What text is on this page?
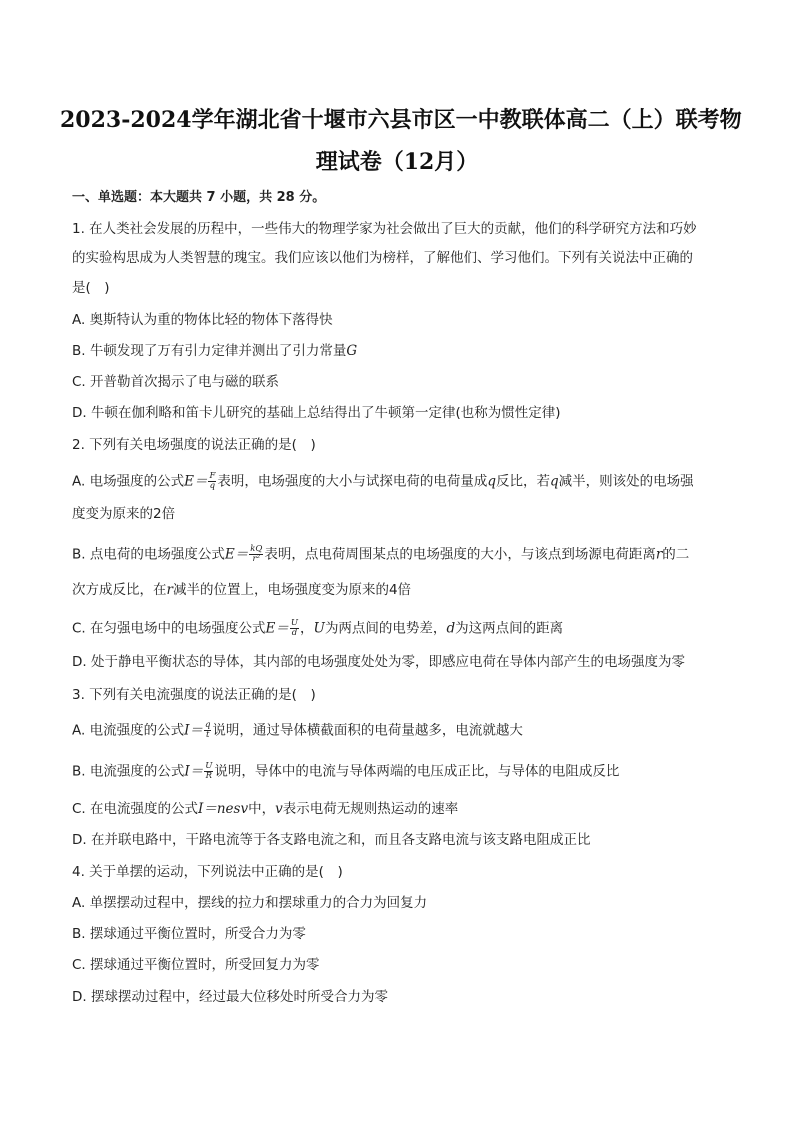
2023-2024学年湖北省十堰市六县市区一中教联体高二（上）联考物
理试卷（12月）
一、单选题：本大题共 7 小题，共 28 分。
1. 在人类社会发展的历程中，一些伟大的物理学家为社会做出了巨大的贡献，他们的科学研究方法和巧妙
的实验构思成为人类智慧的瑰宝。我们应该以他们为榜样，了解他们、学习他们。下列有关说法中正确的
是(　)
A. 奥斯特认为重的物体比轻的物体下落得快
B. 牛顿发现了万有引力定律并测出了引力常量G
C. 开普勒首次揭示了电与磁的联系
D. 牛顿在伽利略和笛卡儿研究的基础上总结得出了牛顿第一定律(也称为惯性定律)
2. 下列有关电场强度的说法正确的是(　)
A. 电场强度的公式$E= \frac{F}{q}$ 表明，电场强度的大小与试探电荷的电荷量成q反比，若q减半，则该处的电场强
度变为原来的2倍
B. 点电荷的电场强度公式$E= \frac{kQ}{\text{r²}}$ 表明，点电荷周围某点的电场强度的大小，与该点到场源电荷距离r的二
次方成反比，在r减半的位置上，电场强度变为原来的4倍
C. 在匀强电场中的电场强度公式$E= \frac{U}{d}$ ，U为两点间的电势差，d为这两点间的距离
D. 处于静电平衡状态的导体，其内部的电场强度处处为零，即感应电荷在导体内部产生的电场强度为零
3. 下列有关电流强度的说法正确的是(　)
A. 电流强度的公式$I= \frac{q}{t}$ 说明，通过导体横截面积的电荷量越多，电流就越大
B. 电流强度的公式$I= \frac{U}{R}$ 说明，导体中的电流与导体两端的电压成正比，与导体的电阻成反比
C. 在电流强度的公式I＝nesv中，v表示电荷无规则热运动的速率
D. 在并联电路中，干路电流等于各支路电流之和，而且各支路电流与该支路电阻成正比
4. 关于单摆的运动，下列说法中正确的是(　)
A. 单摆摆动过程中，摆线的拉力和摆球重力的合力为回复力
B. 摆球通过平衡位置时，所受合力为零
C. 摆球通过平衡位置时，所受回复力为零
D. 摆球摆动过程中，经过最大位移处时所受合力为零
